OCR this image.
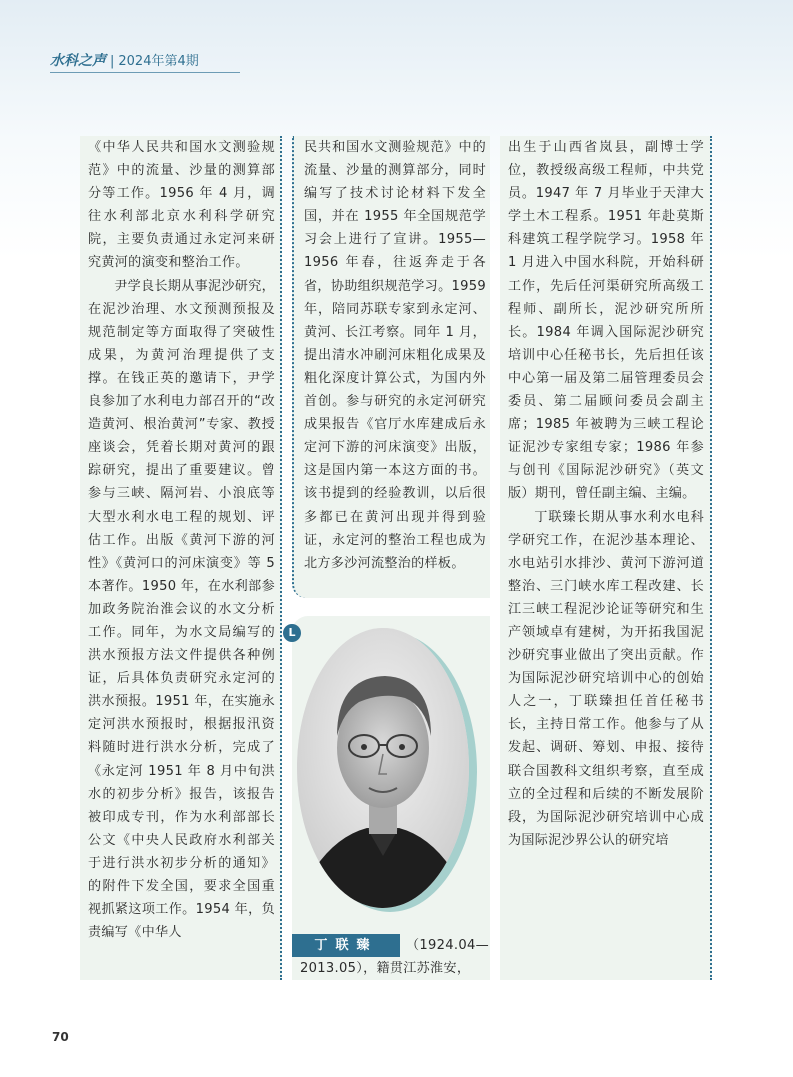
水科之声 | 2024年第4期

《中华人民共和国水文测验规范》中的流量、沙量的测算部分等工作。1956 年 4 月，调往水利部北京水利科学研究院，主要负责通过永定河来研究黄河的演变和整治工作。

尹学良长期从事泥沙研究，在泥沙治理、水文预测预报及规范制定等方面取得了突破性成果，为黄河治理提供了支撑。在钱正英的邀请下，尹学良参加了水利电力部召开的“改造黄河、根治黄河”专家、教授座谈会，凭着长期对黄河的跟踪研究，提出了重要建议。曾参与三峡、隔河岩、小浪底等大型水利水电工程的规划、评估工作。出版《黄河下游的河性》《黄河口的河床演变》等 5 本著作。1950 年，在水利部参加政务院治淮会议的水文分析工作。同年，为水文局编写的洪水预报方法文件提供各种例证，后具体负责研究永定河的洪水预报。1951 年，在实施永定河洪水预报时，根据报汛资料随时进行洪水分析，完成了《永定河 1951 年 8 月中旬洪水的初步分析》报告，该报告被印成专刊，作为水利部部长公文《中央人民政府水利部关于进行洪水初步分析的通知》的附件下发全国，要求全国重视抓紧这项工作。1954 年，负责编写《中华人

民共和国水文测验规范》中的流量、沙量的测算部分，同时编写了技术讨论材料下发全国，并在 1955 年全国规范学习会上进行了宣讲。1955—1956 年春，往返奔走于各省，协助组织规范学习。1959 年，陪同苏联专家到永定河、黄河、长江考察。同年 1 月，提出清水冲刷河床粗化成果及粗化深度计算公式，为国内外首创。参与研究的永定河研究成果报告《官厅水库建成后永定河下游的河床演变》出版，这是国内第一本这方面的书。该书提到的经验教训，以后很多都已在黄河出现并得到验证，永定河的整治工程也成为北方多沙河流整治的样板。

L
丁联臻 （1924.04—
2013.05），籍贯江苏淮安，

出生于山西省岚县，副博士学位，教授级高级工程师，中共党员。1947 年 7 月毕业于天津大学土木工程系。1951 年赴莫斯科建筑工程学院学习。1958 年 1 月进入中国水科院，开始科研工作，先后任河渠研究所高级工程师、副所长，泥沙研究所所长。1984 年调入国际泥沙研究培训中心任秘书长，先后担任该中心第一届及第二届管理委员会委员、第二届顾问委员会副主席；1985 年被聘为三峡工程论证泥沙专家组专家；1986 年参与创刊《国际泥沙研究》（英文版）期刊，曾任副主编、主编。

丁联臻长期从事水利水电科学研究工作，在泥沙基本理论、水电站引水排沙、黄河下游河道整治、三门峡水库工程改建、长江三峡工程泥沙论证等研究和生产领域卓有建树，为开拓我国泥沙研究事业做出了突出贡献。作为国际泥沙研究培训中心的创始人之一，丁联臻担任首任秘书长，主持日常工作。他参与了从发起、调研、筹划、申报、接待联合国教科文组织考察，直至成立的全过程和后续的不断发展阶段，为国际泥沙研究培训中心成为国际泥沙界公认的研究培

70
